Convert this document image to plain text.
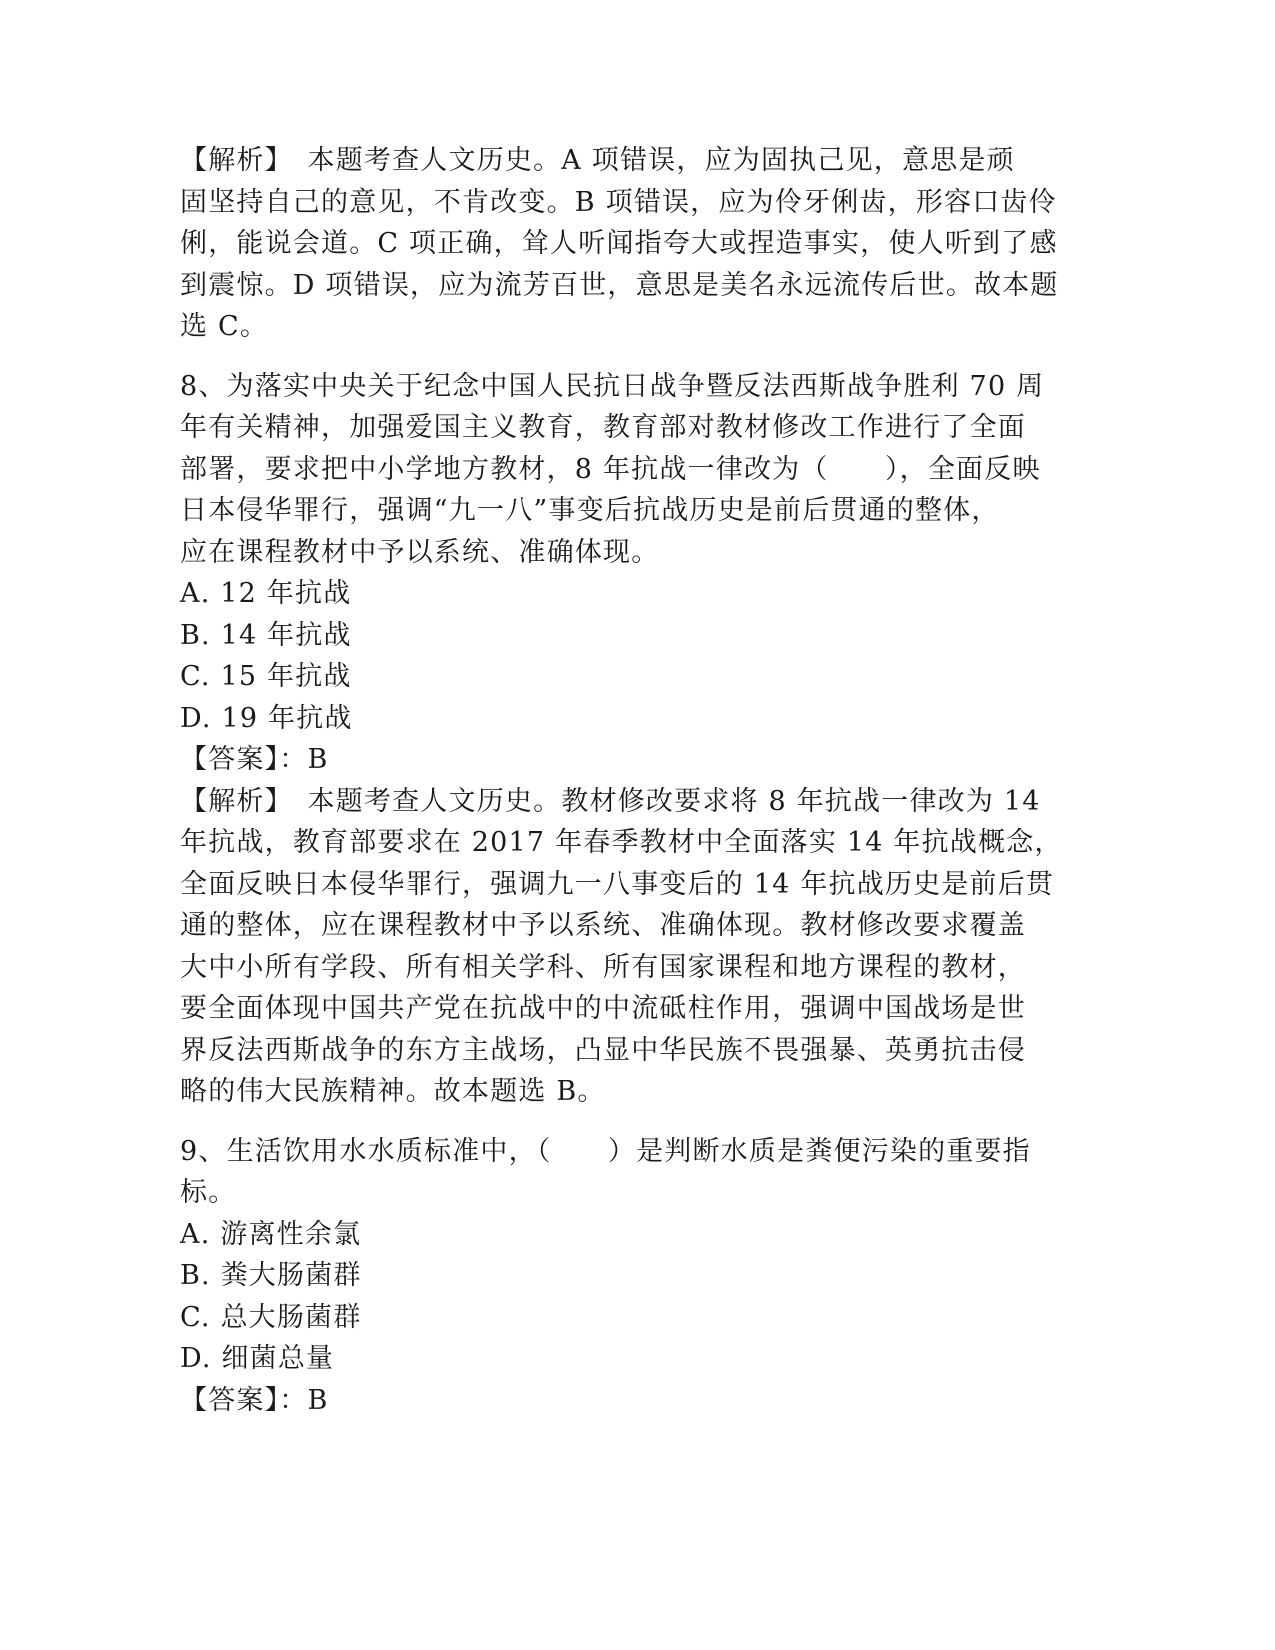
【解析】　本题考查人文历史。A 项错误，应为固执己见，意思是顽
固坚持自己的意见，不肯改变。B 项错误，应为伶牙俐齿，形容口齿伶
俐，能说会道。C 项正确，耸人听闻指夸大或捏造事实，使人听到了感
到震惊。D 项错误，应为流芳百世，意思是美名永远流传后世。故本题
选 C。
8、为落实中央关于纪念中国人民抗日战争暨反法西斯战争胜利 70 周
年有关精神，加强爱国主义教育，教育部对教材修改工作进行了全面
部署，要求把中小学地方教材，8 年抗战一律改为（　　），全面反映
日本侵华罪行，强调“九一八”事变后抗战历史是前后贯通的整体，
应在课程教材中予以系统、准确体现。
A. 12 年抗战
B. 14 年抗战
C. 15 年抗战
D. 19 年抗战
【答案】：B
【解析】　本题考查人文历史。教材修改要求将 8 年抗战一律改为 14
年抗战，教育部要求在 2017 年春季教材中全面落实 14 年抗战概念，
全面反映日本侵华罪行，强调九一八事变后的 14 年抗战历史是前后贯
通的整体，应在课程教材中予以系统、准确体现。教材修改要求覆盖
大中小所有学段、所有相关学科、所有国家课程和地方课程的教材，
要全面体现中国共产党在抗战中的中流砥柱作用，强调中国战场是世
界反法西斯战争的东方主战场，凸显中华民族不畏强暴、英勇抗击侵
略的伟大民族精神。故本题选 B。
9、生活饮用水水质标准中，（　　）是判断水质是粪便污染的重要指
标。
A. 游离性余氯
B. 粪大肠菌群
C. 总大肠菌群
D. 细菌总量
【答案】：B
